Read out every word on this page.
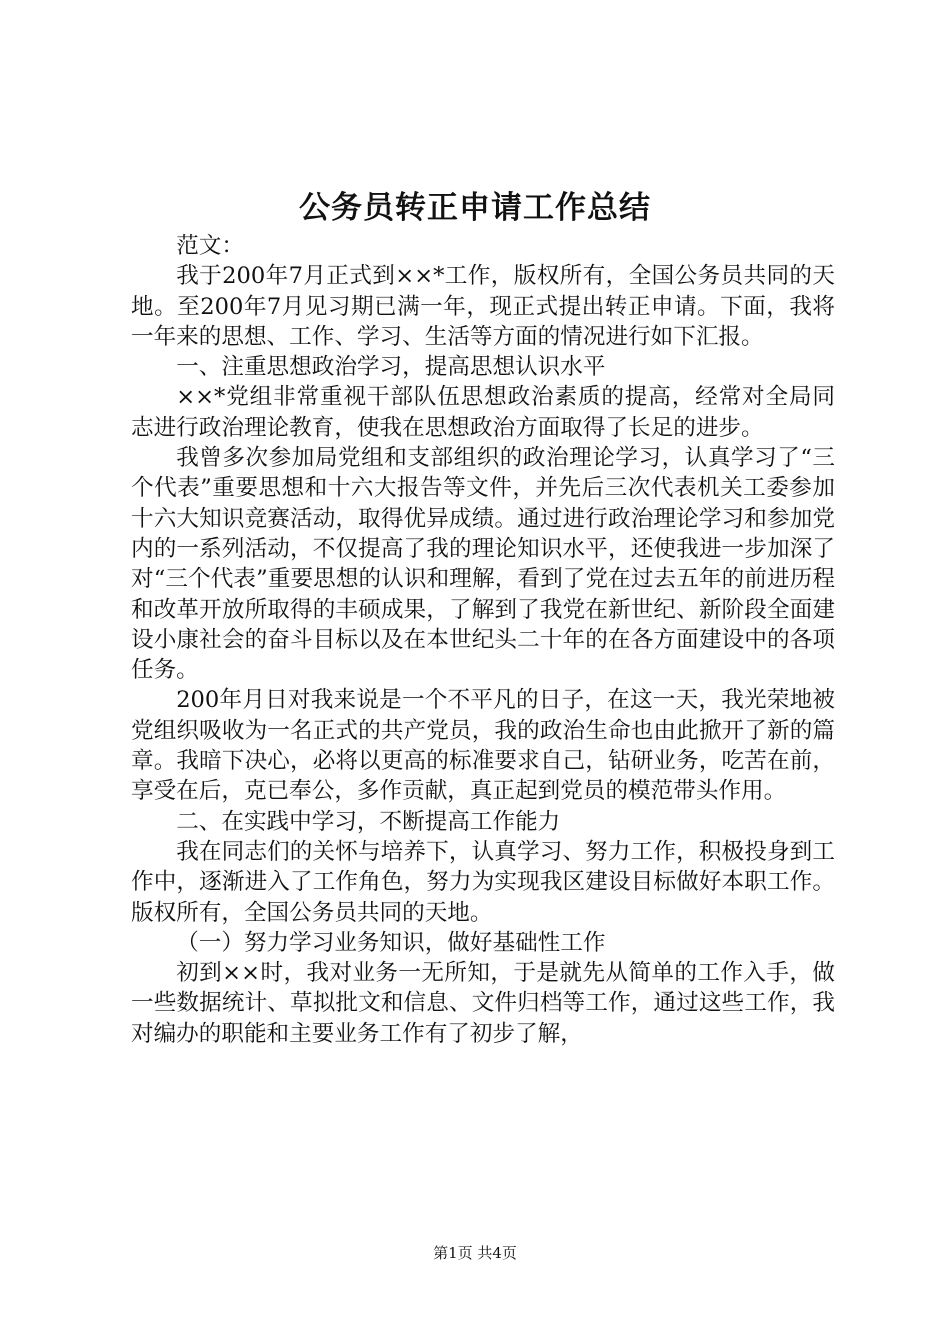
公务员转正申请工作总结

范文：

我于200年7月正式到××*工作，版权所有，全国公务员共同的天地。至200年7月见习期已满一年，现正式提出转正申请。下面，我将一年来的思想、工作、学习、生活等方面的情况进行如下汇报。

一、注重思想政治学习，提高思想认识水平

××*党组非常重视干部队伍思想政治素质的提高，经常对全局同志进行政治理论教育，使我在思想政治方面取得了长足的进步。

我曾多次参加局党组和支部组织的政治理论学习，认真学习了“三个代表”重要思想和十六大报告等文件，并先后三次代表机关工委参加十六大知识竞赛活动，取得优异成绩。通过进行政治理论学习和参加党内的一系列活动，不仅提高了我的理论知识水平，还使我进一步加深了对“三个代表”重要思想的认识和理解，看到了党在过去五年的前进历程和改革开放所取得的丰硕成果，了解到了我党在新世纪、新阶段全面建设小康社会的奋斗目标以及在本世纪头二十年的在各方面建设中的各项任务。

200年月日对我来说是一个不平凡的日子，在这一天，我光荣地被党组织吸收为一名正式的共产党员，我的政治生命也由此掀开了新的篇章。我暗下决心，必将以更高的标准要求自己，钻研业务，吃苦在前，享受在后，克已奉公，多作贡献，真正起到党员的模范带头作用。

二、在实践中学习，不断提高工作能力

我在同志们的关怀与培养下，认真学习、努力工作，积极投身到工作中，逐渐进入了工作角色，努力为实现我区建设目标做好本职工作。版权所有，全国公务员共同的天地。

（一）努力学习业务知识，做好基础性工作

初到××时，我对业务一无所知，于是就先从简单的工作入手，做一些数据统计、草拟批文和信息、文件归档等工作，通过这些工作，我对编办的职能和主要业务工作有了初步了解，

第1页 共4页
